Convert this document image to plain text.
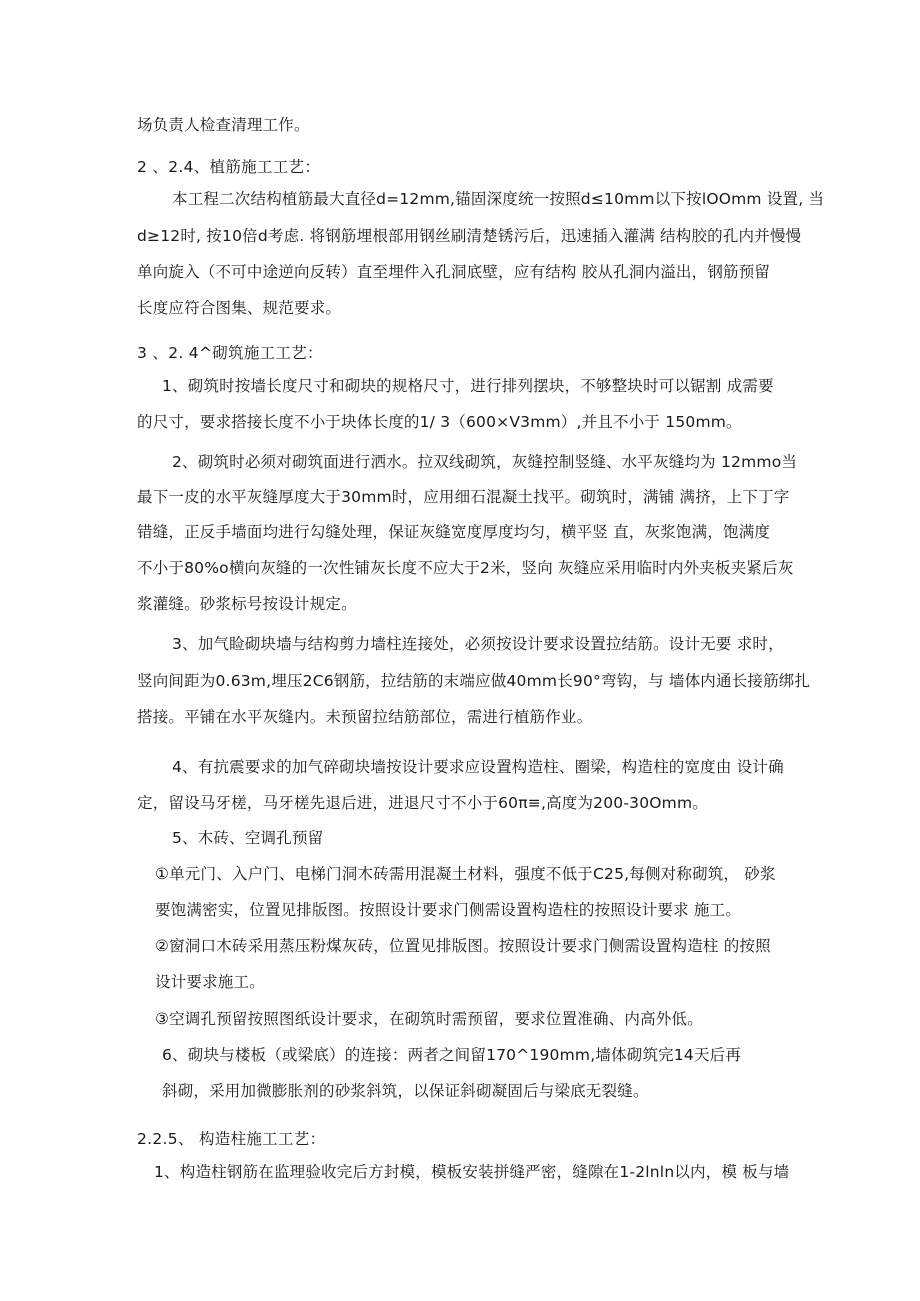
场负责人检查清理工作。
2 、2.4、植筋施工工艺：
本工程二次结构植筋最大直径d=12mm,锚固深度统一按照d≤10mm以下按lOOmm 设置, 当
d≥12时, 按10倍d考虑. 将钢筋埋根部用钢丝刷清楚锈污后，迅速插入灌满 结构胶的孔内并慢慢
单向旋入（不可中途逆向反转）直至埋件入孔洞底壁，应有结构 胶从孔洞内溢出，钢筋预留
长度应符合图集、规范要求。
3 、2. 4^砌筑施工工艺：
1、砌筑时按墙长度尺寸和砌块的规格尺寸，进行排列摆块，不够整块时可以锯割 成需要
的尺寸，要求搭接长度不小于块体长度的1/ 3（600×Ⅴ3mm）,并且不小于 150mm。
2、砌筑时必须对砌筑面进行洒水。拉双线砌筑，灰缝控制竖缝、水平灰缝均为 12mmo当
最下一皮的水平灰缝厚度大于30mm时，应用细石混凝土找平。砌筑时，满铺 满挤，上下丁字
错缝，正反手墙面均进行勾缝处理，保证灰缝宽度厚度均匀，横平竖 直，灰浆饱满，饱满度
不小于80%o横向灰缝的一次性铺灰长度不应大于2米，竖向 灰缝应采用临时内外夹板夹紧后灰
浆灌缝。砂浆标号按设计规定。
3、加气睑砌块墙与结构剪力墙柱连接处，必须按设计要求设置拉结筋。设计无要 求时，
竖向间距为0.63m,埋压2C6钢筋，拉结筋的末端应做40mm长90°弯钩，与 墙体内通长接筋绑扎
搭接。平铺在水平灰缝内。未预留拉结筋部位，需进行植筋作业。
4、有抗震要求的加气碎砌块墙按设计要求应设置构造柱、圈梁，构造柱的宽度由 设计确
定，留设马牙槎，马牙槎先退后进，进退尺寸不小于60π≡,高度为200-30Omm。
5、木砖、空调孔预留
①单元门、入户门、电梯门洞木砖需用混凝土材料，强度不低于C25,每侧对称砌筑， 砂浆
要饱满密实，位置见排版图。按照设计要求门侧需设置构造柱的按照设计要求 施工。
②窗洞口木砖采用蒸压粉煤灰砖，位置见排版图。按照设计要求门侧需设置构造柱 的按照
设计要求施工。
③空调孔预留按照图纸设计要求，在砌筑时需预留，要求位置准确、内高外低。
6、砌块与楼板（或梁底）的连接：两者之间留170^190mm,墙体砌筑完14天后再
斜砌，采用加微膨胀剂的砂浆斜筑，以保证斜砌凝固后与梁底无裂缝。
2.2.5、 构造柱施工工艺：
1、构造柱钢筋在监理验收完后方封模，模板安装拼缝严密，缝隙在1-2lnln以内，模 板与墙
